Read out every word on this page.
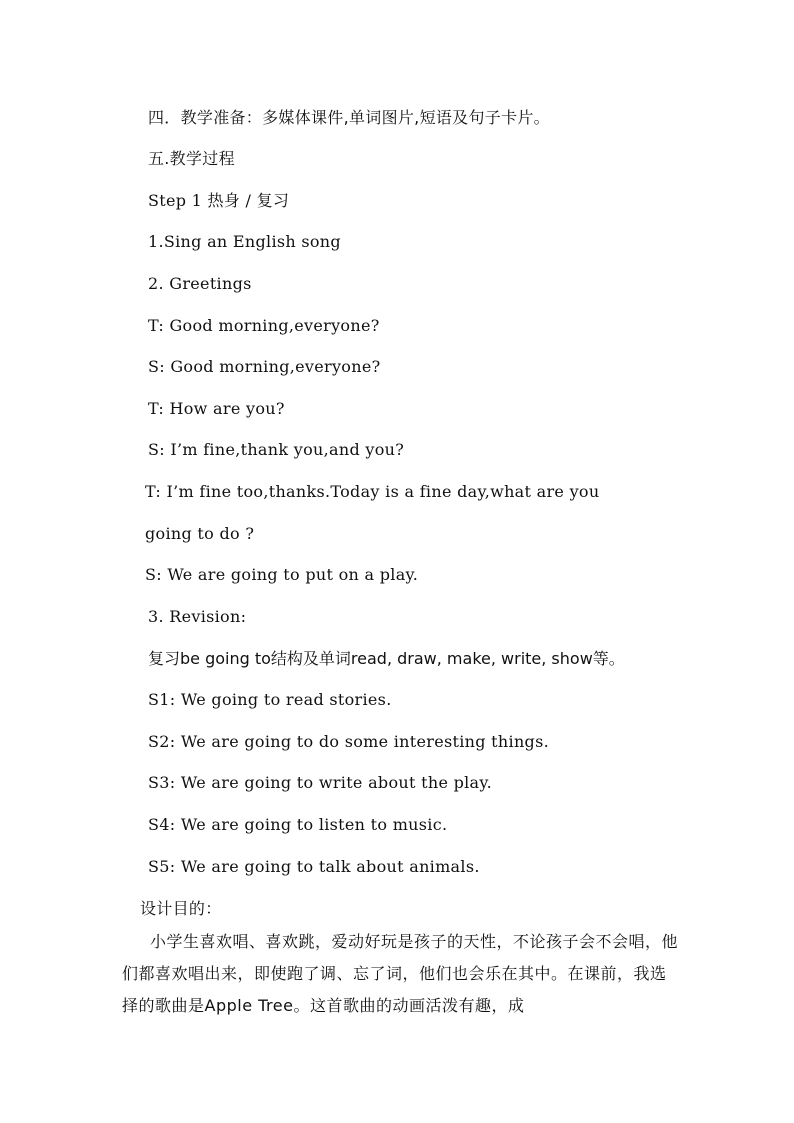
四．教学准备：多媒体课件,单词图片,短语及句子卡片。
五.教学过程
Step 1 热身 / 复习
1.Sing an English song
2. Greetings
T: Good morning,everyone?
S: Good morning,everyone?
T: How are you?
S: I’m fine,thank you,and you?
T: I’m fine too,thanks.Today is a fine day,what are you
going to do ?
S: We are going to put on a play.
3. Revision:
复习be going to结构及单词read, draw, make, write, show等。
S1: We going to read stories.
S2: We are going to do some interesting things.
S3: We are going to write about the play.
S4: We are going to listen to music.
S5: We are going to talk about animals.
设计目的：
小学生喜欢唱、喜欢跳，爱动好玩是孩子的天性，不论孩子会不会唱，他们都喜欢唱出来，即使跑了调、忘了词，他们也会乐在其中。在课前，我选择的歌曲是Apple Tree。这首歌曲的动画活泼有趣，成
